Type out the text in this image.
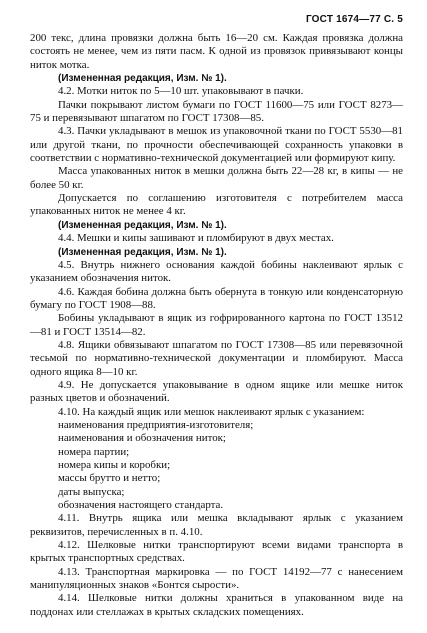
ГОСТ 1674—77 С. 5

200 текс, длина провязки должна быть 16—20 см. Каждая провязка должна состоять не менее, чем из пяти пасм. К одной из провязок привязывают концы ниток мотка.

(Измененная редакция, Изм. № 1).

4.2. Мотки ниток по 5—10 шт. упаковывают в пачки.

Пачки покрывают листом бумаги по ГОСТ 11600—75 или ГОСТ 8273—75 и перевязывают шпагатом по ГОСТ 17308—85.

4.3. Пачки укладывают в мешок из упаковочной ткани по ГОСТ 5530—81 или другой ткани, по прочности обеспечивающей сохранность упаковки в соответствии с нормативно-технической документацией или формируют кипу.

Масса упакованных ниток в мешки должна быть 22—28 кг, в кипы — не более 50 кг.

Допускается по соглашению изготовителя с потребителем масса упакованных ниток не менее 4 кг.

(Измененная редакция, Изм. № 1).

4.4. Мешки и кипы зашивают и пломбируют в двух местах.

(Измененная редакция, Изм. № 1).

4.5. Внутрь нижнего основания каждой бобины наклеивают ярлык с указанием обозначения ниток.

4.6. Каждая бобина должна быть обернута в тонкую или конденсаторную бумагу по ГОСТ 1908—88.

Бобины укладывают в ящик из гофрированного картона по ГОСТ 13512—81 и ГОСТ 13514—82.

4.8. Ящики обвязывают шпагатом по ГОСТ 17308—85 или перевязочной тесьмой по нормативно-технической документации и пломбируют. Масса одного ящика 8—10 кг.

4.9. Не допускается упаковывание в одном ящике или мешке ниток разных цветов и обозначений.

4.10. На каждый ящик или мешок наклеивают ярлык с указанием:

наименования предприятия-изготовителя;

наименования и обозначения ниток;

номера партии;

номера кипы и коробки;

массы брутто и нетто;

даты выпуска;

обозначения настоящего стандарта.

4.11. Внутрь ящика или мешка вкладывают ярлык с указанием реквизитов, перечисленных в п. 4.10.

4.12. Шелковые нитки транспортируют всеми видами транспорта в крытых транспортных средствах.

4.13. Транспортная маркировка — по ГОСТ 14192—77 с нанесением манипуляционных знаков «Бонтся сырости».

4.14. Шелковые нитки должны храниться в упакованном виде на поддонах или стеллажах в крытых складских помещениях.
